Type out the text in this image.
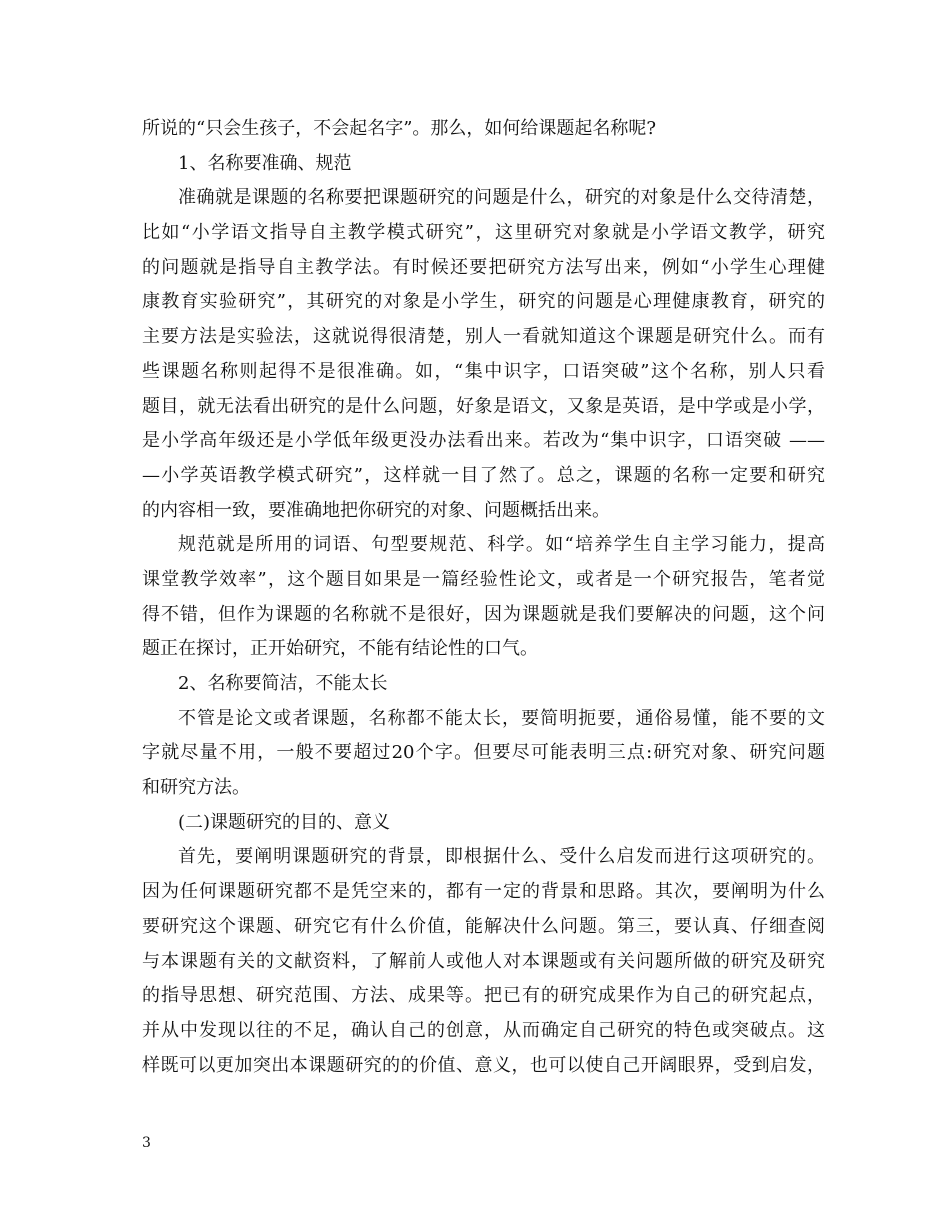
所说的“只会生孩子，不会起名字”。那么，如何给课题起名称呢?
1、名称要准确、规范
准确就是课题的名称要把课题研究的问题是什么，研究的对象是什么交待清楚，
比如“小学语文指导自主教学模式研究”，这里研究对象就是小学语文教学，研究
的问题就是指导自主教学法。有时候还要把研究方法写出来，例如“小学生心理健
康教育实验研究”，其研究的对象是小学生，研究的问题是心理健康教育，研究的
主要方法是实验法，这就说得很清楚，别人一看就知道这个课题是研究什么。而有
些课题名称则起得不是很准确。如，“集中识字，口语突破”这个名称，别人只看
题目，就无法看出研究的是什么问题，好象是语文，又象是英语，是中学或是小学，
是小学高年级还是小学低年级更没办法看出来。若改为“集中识字，口语突破 ——
—小学英语教学模式研究”，这样就一目了然了。总之，课题的名称一定要和研究
的内容相一致，要准确地把你研究的对象、问题概括出来。
规范就是所用的词语、句型要规范、科学。如“培养学生自主学习能力，提高
课堂教学效率”，这个题目如果是一篇经验性论文，或者是一个研究报告，笔者觉
得不错，但作为课题的名称就不是很好，因为课题就是我们要解决的问题，这个问
题正在探讨，正开始研究，不能有结论性的口气。
2、名称要简洁，不能太长
不管是论文或者课题，名称都不能太长，要简明扼要，通俗易懂，能不要的文
字就尽量不用，一般不要超过20个字。但要尽可能表明三点:研究对象、研究问题
和研究方法。
(二)课题研究的目的、意义
首先，要阐明课题研究的背景，即根据什么、受什么启发而进行这项研究的。
因为任何课题研究都不是凭空来的，都有一定的背景和思路。其次，要阐明为什么
要研究这个课题、研究它有什么价值，能解决什么问题。第三，要认真、仔细查阅
与本课题有关的文献资料，了解前人或他人对本课题或有关问题所做的研究及研究
的指导思想、研究范围、方法、成果等。把已有的研究成果作为自己的研究起点，
并从中发现以往的不足，确认自己的创意，从而确定自己研究的特色或突破点。这
样既可以更加突出本课题研究的的价值、意义，也可以使自己开阔眼界，受到启发，
3
